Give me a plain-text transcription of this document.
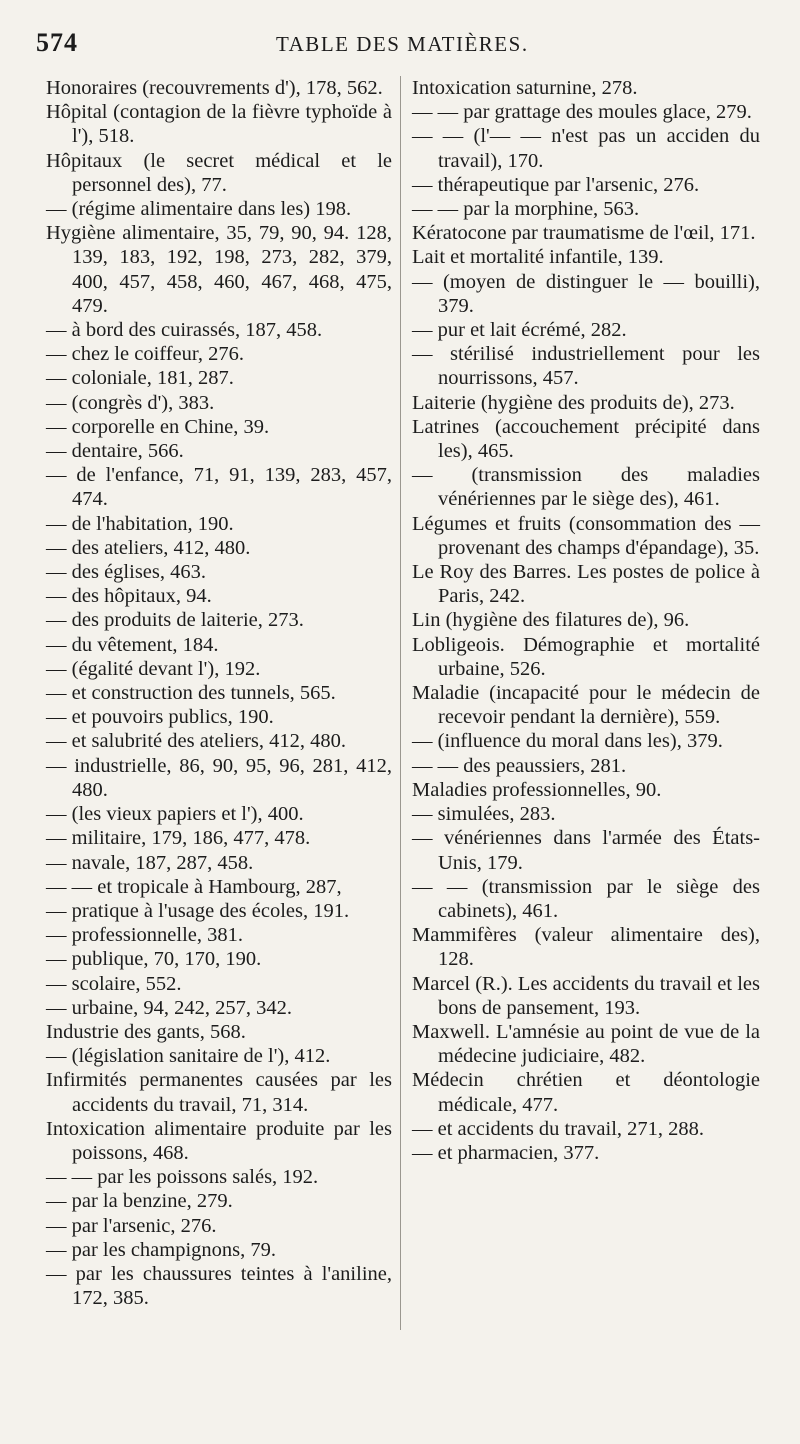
574	TABLE DES MATIÈRES.

Honoraires (recouvrements d'), 178, 562.

Hôpital (contagion de la fièvre typhoïde à l'), 518.

Hôpitaux (le secret médical et le personnel des), 77.

— (régime alimentaire dans les) 198.

Hygiène alimentaire, 35, 79, 90, 94. 128, 139, 183, 192, 198, 273, 282, 379, 400, 457, 458, 460, 467, 468, 475, 479.

— à bord des cuirassés, 187, 458.

— chez le coiffeur, 276.

— coloniale, 181, 287.

— (congrès d'), 383.

— corporelle en Chine, 39.

— dentaire, 566.

— de l'enfance, 71, 91, 139, 283, 457, 474.

— de l'habitation, 190.

— des ateliers, 412, 480.

— des églises, 463.

— des hôpitaux, 94.

— des produits de laiterie, 273.

— du vêtement, 184.

— (égalité devant l'), 192.

— et construction des tunnels, 565.

— et pouvoirs publics, 190.

— et salubrité des ateliers, 412, 480.

— industrielle, 86, 90, 95, 96, 281, 412, 480.

— (les vieux papiers et l'), 400.

— militaire, 179, 186, 477, 478.

— navale, 187, 287, 458.

— — et tropicale à Hambourg, 287,

— pratique à l'usage des écoles, 191.

— professionnelle, 381.

— publique, 70, 170, 190.

— scolaire, 552.

— urbaine, 94, 242, 257, 342.

Industrie des gants, 568.

— (législation sanitaire de l'), 412.

Infirmités permanentes causées par les accidents du travail, 71, 314.

Intoxication alimentaire produite par les poissons, 468.

— — par les poissons salés, 192.

— par la benzine, 279.

— par l'arsenic, 276.

— par les champignons, 79.

— par les chaussures teintes à l'aniline, 172, 385.

Intoxication saturnine, 278.

— — par grattage des moules glace, 279.

— — (l'— — n'est pas un acciden du travail), 170.

— thérapeutique par l'arsenic, 276.

— — par la morphine, 563.

Kératocone par traumatisme de l'œil, 171.

Lait et mortalité infantile, 139.

— (moyen de distinguer le — bouilli), 379.

— pur et lait écrémé, 282.

— stérilisé industriellement pour les nourrissons, 457.

Laiterie (hygiène des produits de), 273.

Latrines (accouchement précipité dans les), 465.

— (transmission des maladies vénériennes par le siège des), 461.

Légumes et fruits (consommation des — provenant des champs d'épandage), 35.

Le Roy des Barres. Les postes de police à Paris, 242.

Lin (hygiène des filatures de), 96.

Lobligeois. Démographie et mortalité urbaine, 526.

Maladie (incapacité pour le médecin de recevoir pendant la dernière), 559.

— (influence du moral dans les), 379.

— — des peaussiers, 281.

Maladies professionnelles, 90.

— simulées, 283.

— vénériennes dans l'armée des États-Unis, 179.

— — (transmission par le siège des cabinets), 461.

Mammifères (valeur alimentaire des), 128.

Marcel (R.). Les accidents du travail et les bons de pansement, 193.

Maxwell. L'amnésie au point de vue de la médecine judiciaire, 482.

Médecin chrétien et déontologie médicale, 477.

— et accidents du travail, 271, 288.

— et pharmacien, 377.
